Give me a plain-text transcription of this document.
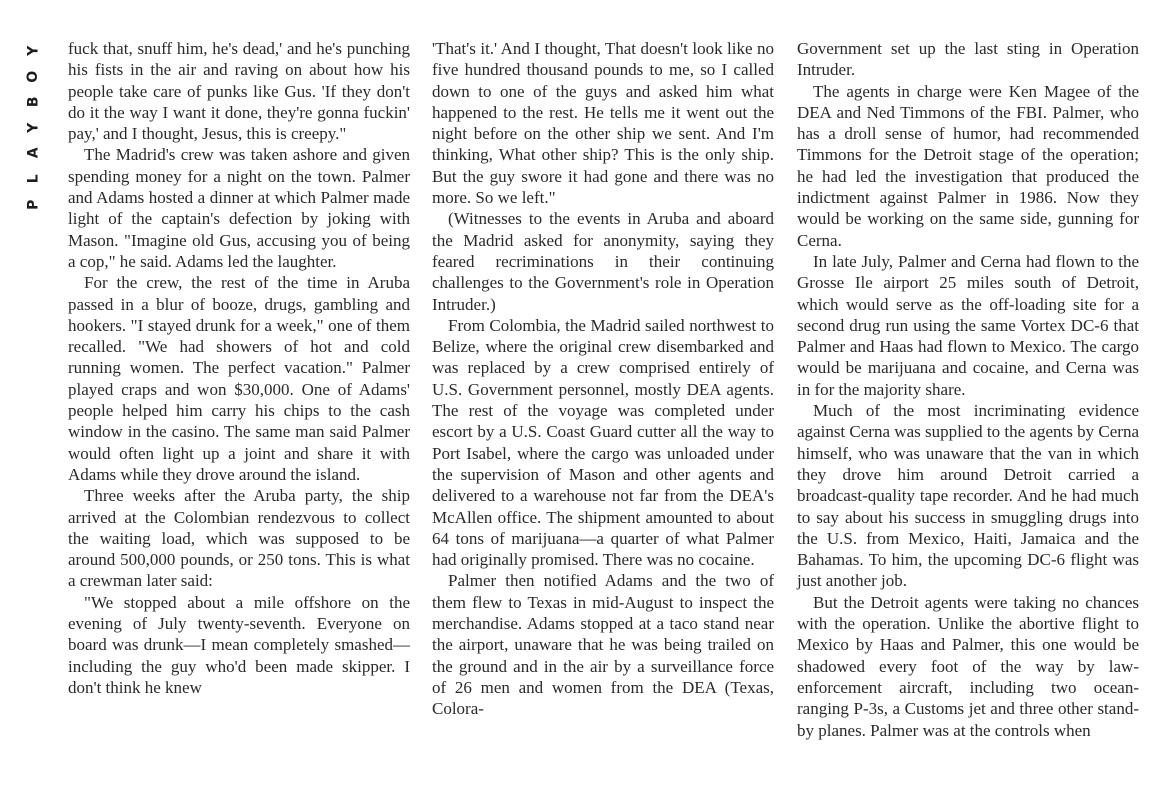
Y
O
B
Y
A
L
P

fuck that, snuff him, he's dead,' and he's punching his fists in the air and raving on about how his people take care of punks like Gus. 'If they don't do it the way I want it done, they're gonna fuckin' pay,' and I thought, Jesus, this is creepy."

The Madrid's crew was taken ashore and given spending money for a night on the town. Palmer and Adams hosted a dinner at which Palmer made light of the captain's defection by joking with Mason. "Imagine old Gus, accusing you of being a cop," he said. Adams led the laughter.

For the crew, the rest of the time in Aruba passed in a blur of booze, drugs, gambling and hookers. "I stayed drunk for a week," one of them recalled. "We had showers of hot and cold running women. The perfect vacation." Palmer played craps and won $30,000. One of Adams' people helped him carry his chips to the cash window in the casino. The same man said Palmer would often light up a joint and share it with Adams while they drove around the island.

Three weeks after the Aruba party, the ship arrived at the Colombian rendezvous to collect the waiting load, which was supposed to be around 500,000 pounds, or 250 tons. This is what a crewman later said:

"We stopped about a mile offshore on the evening of July twenty-seventh. Everyone on board was drunk—I mean completely smashed—including the guy who'd been made skipper. I don't think he knew

'That's it.' And I thought, That doesn't look like no five hundred thousand pounds to me, so I called down to one of the guys and asked him what happened to the rest. He tells me it went out the night before on the other ship we sent. And I'm thinking, What other ship? This is the only ship. But the guy swore it had gone and there was no more. So we left."

(Witnesses to the events in Aruba and aboard the Madrid asked for anonymity, saying they feared recriminations in their continuing challenges to the Government's role in Operation Intruder.)

From Colombia, the Madrid sailed northwest to Belize, where the original crew disembarked and was replaced by a crew comprised entirely of U.S. Government personnel, mostly DEA agents. The rest of the voyage was completed under escort by a U.S. Coast Guard cutter all the way to Port Isabel, where the cargo was unloaded under the supervision of Mason and other agents and delivered to a warehouse not far from the DEA's McAllen office. The shipment amounted to about 64 tons of marijuana—a quarter of what Palmer had originally promised. There was no cocaine.

Palmer then notified Adams and the two of them flew to Texas in mid-August to inspect the merchandise. Adams stopped at a taco stand near the airport, unaware that he was being trailed on the ground and in the air by a surveillance force of 26 men and women from the DEA (Texas, Colora-

Government set up the last sting in Operation Intruder.

The agents in charge were Ken Magee of the DEA and Ned Timmons of the FBI. Palmer, who has a droll sense of humor, had recommended Timmons for the Detroit stage of the operation; he had led the investigation that produced the indictment against Palmer in 1986. Now they would be working on the same side, gunning for Cerna.

In late July, Palmer and Cerna had flown to the Grosse Ile airport 25 miles south of Detroit, which would serve as the off-loading site for a second drug run using the same Vortex DC-6 that Palmer and Haas had flown to Mexico. The cargo would be marijuana and cocaine, and Cerna was in for the majority share.

Much of the most incriminating evidence against Cerna was supplied to the agents by Cerna himself, who was unaware that the van in which they drove him around Detroit carried a broadcast-quality tape recorder. And he had much to say about his success in smuggling drugs into the U.S. from Mexico, Haiti, Jamaica and the Bahamas. To him, the upcoming DC-6 flight was just another job.

But the Detroit agents were taking no chances with the operation. Unlike the abortive flight to Mexico by Haas and Palmer, this one would be shadowed every foot of the way by law-enforcement aircraft, including two ocean-ranging P-3s, a Customs jet and three other stand-by planes. Palmer was at the controls when
